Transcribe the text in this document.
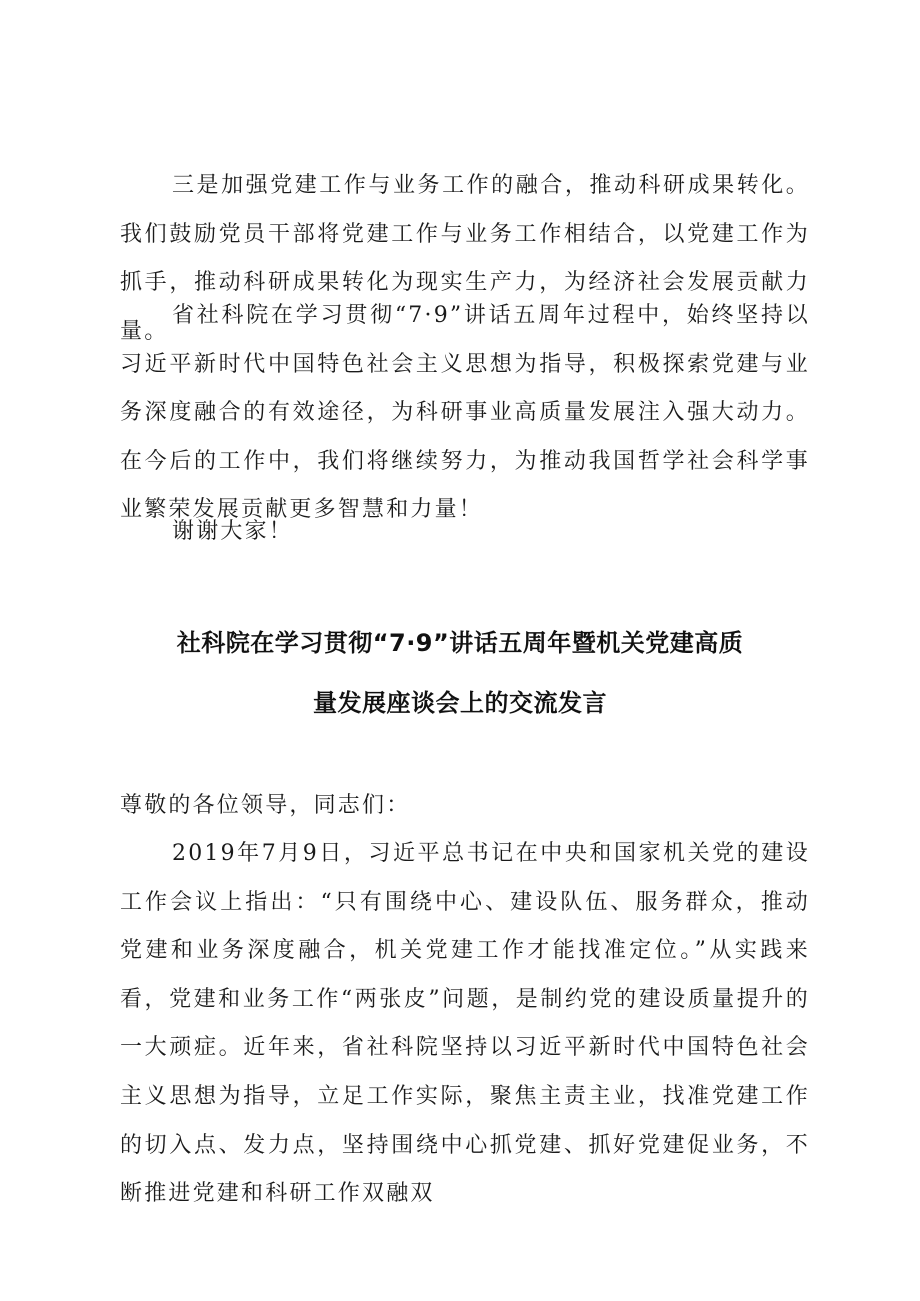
三是加强党建工作与业务工作的融合，推动科研成果转化。我们鼓励党员干部将党建工作与业务工作相结合，以党建工作为抓手，推动科研成果转化为现实生产力，为经济社会发展贡献力量。

省社科院在学习贯彻“7·9”讲话五周年过程中，始终坚持以习近平新时代中国特色社会主义思想为指导，积极探索党建与业务深度融合的有效途径，为科研事业高质量发展注入强大动力。在今后的工作中，我们将继续努力，为推动我国哲学社会科学事业繁荣发展贡献更多智慧和力量！

谢谢大家！

社科院在学习贯彻“7·9”讲话五周年暨机关党建高质
量发展座谈会上的交流发言

尊敬的各位领导，同志们：

2019年7月9日，习近平总书记在中央和国家机关党的建设工作会议上指出：“只有围绕中心、建设队伍、服务群众，推动党建和业务深度融合，机关党建工作才能找准定位。”从实践来看，党建和业务工作“两张皮”问题，是制约党的建设质量提升的一大顽症。近年来，省社科院坚持以习近平新时代中国特色社会主义思想为指导，立足工作实际，聚焦主责主业，找准党建工作的切入点、发力点，坚持围绕中心抓党建、抓好党建促业务，不断推进党建和科研工作双融双
